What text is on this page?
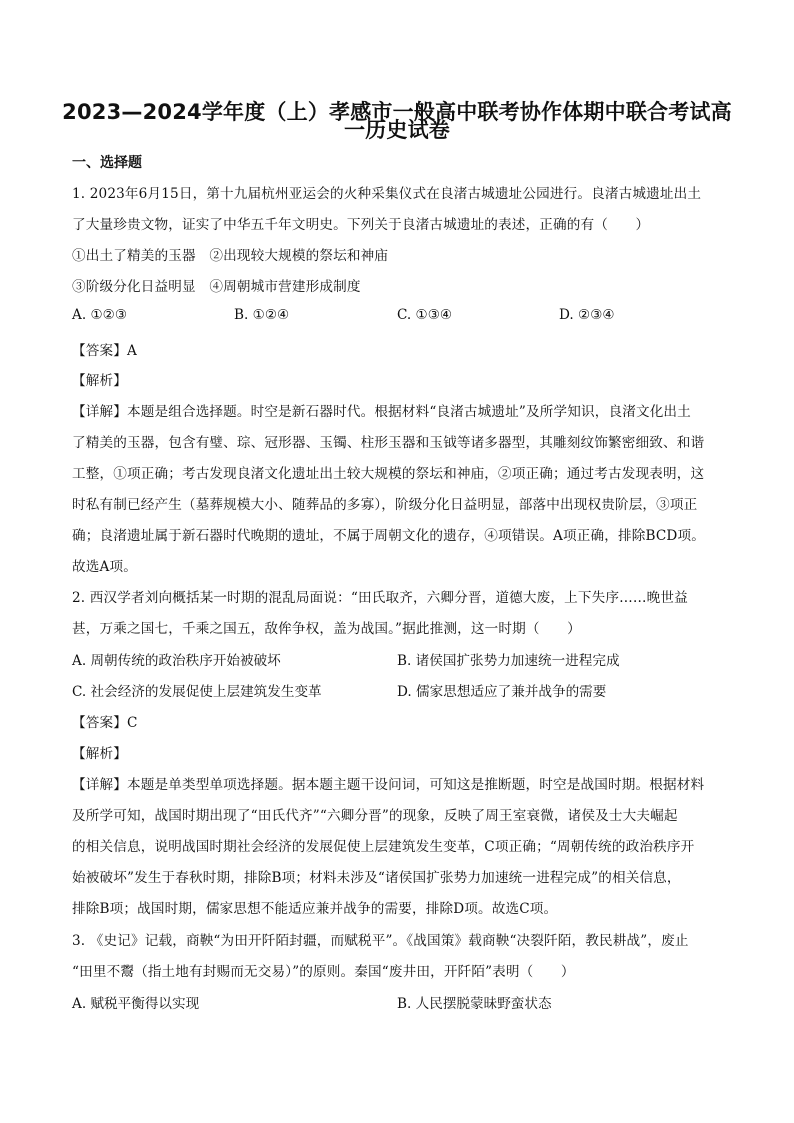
2023—2024学年度（上）孝感市一般高中联考协作体期中联合考试高
一历史试卷
一、选择题
1. 2023年6月15日，第十九届杭州亚运会的火种采集仪式在良渚古城遗址公园进行。良渚古城遗址出土
了大量珍贵文物，证实了中华五千年文明史。下列关于良渚古城遗址的表述，正确的有（　　）
①出土了精美的玉器　②出现较大规模的祭坛和神庙
③阶级分化日益明显　④周朝城市营建形成制度
A. ①②③	B. ①②④	C. ①③④	D. ②③④
【答案】A
【解析】
【详解】本题是组合选择题。时空是新石器时代。根据材料“良渚古城遗址”及所学知识，良渚文化出土
了精美的玉器，包含有璧、琮、冠形器、玉镯、柱形玉器和玉钺等诸多器型，其雕刻纹饰繁密细致、和谐
工整，①项正确；考古发现良渚文化遗址出土较大规模的祭坛和神庙，②项正确；通过考古发现表明，这
时私有制已经产生（墓葬规模大小、随葬品的多寡），阶级分化日益明显，部落中出现权贵阶层，③项正
确；良渚遗址属于新石器时代晚期的遗址，不属于周朝文化的遗存，④项错误。A项正确，排除BCD项。
故选A项。
2. 西汉学者刘向概括某一时期的混乱局面说：“田氏取齐，六卿分晋，道德大废，上下失序……晚世益
甚，万乘之国七，千乘之国五，敌侔争权，盖为战国。”据此推测，这一时期（　　）
A. 周朝传统的政治秩序开始被破坏	B. 诸侯国扩张势力加速统一进程完成
C. 社会经济的发展促使上层建筑发生变革	D. 儒家思想适应了兼并战争的需要
【答案】C
【解析】
【详解】本题是单类型单项选择题。据本题主题干设问词，可知这是推断题，时空是战国时期。根据材料
及所学可知，战国时期出现了“田氏代齐”“六卿分晋”的现象，反映了周王室衰微，诸侯及士大夫崛起
的相关信息，说明战国时期社会经济的发展促使上层建筑发生变革，C项正确；“周朝传统的政治秩序开
始被破坏”发生于春秋时期，排除B项；材料未涉及“诸侯国扩张势力加速统一进程完成”的相关信息，
排除B项；战国时期，儒家思想不能适应兼并战争的需要，排除D项。故选C项。
3. 《史记》记载，商鞅“为田开阡陌封疆，而赋税平”。《战国策》载商鞅“决裂阡陌，教民耕战”，废止
“田里不鬻（指土地有封赐而无交易）”的原则。秦国“废井田，开阡陌”表明（　　）
A. 赋税平衡得以实现	B. 人民摆脱蒙昧野蛮状态
